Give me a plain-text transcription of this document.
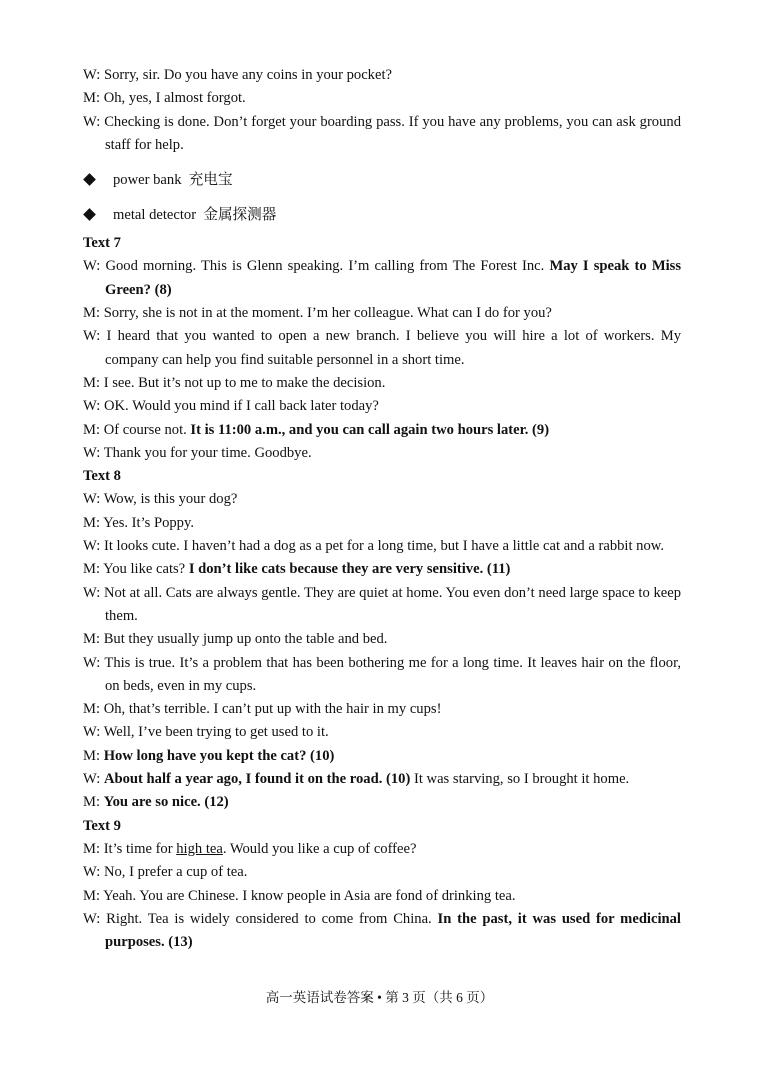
W: Sorry, sir. Do you have any coins in your pocket?
M: Oh, yes, I almost forgot.
W: Checking is done. Don’t forget your boarding pass. If you have any problems, you can ask ground staff for help.
power bank  充电宝
metal detector  金属探测器
Text 7
W: Good morning. This is Glenn speaking. I’m calling from The Forest Inc. May I speak to Miss Green? (8)
M: Sorry, she is not in at the moment. I’m her colleague. What can I do for you?
W: I heard that you wanted to open a new branch. I believe you will hire a lot of workers. My company can help you find suitable personnel in a short time.
M: I see. But it’s not up to me to make the decision.
W: OK. Would you mind if I call back later today?
M: Of course not. It is 11:00 a.m., and you can call again two hours later. (9)
W: Thank you for your time. Goodbye.
Text 8
W: Wow, is this your dog?
M: Yes. It’s Poppy.
W: It looks cute. I haven’t had a dog as a pet for a long time, but I have a little cat and a rabbit now.
M: You like cats? I don’t like cats because they are very sensitive. (11)
W: Not at all. Cats are always gentle. They are quiet at home. You even don’t need large space to keep them.
M: But they usually jump up onto the table and bed.
W: This is true. It’s a problem that has been bothering me for a long time. It leaves hair on the floor, on beds, even in my cups.
M: Oh, that’s terrible. I can’t put up with the hair in my cups!
W: Well, I’ve been trying to get used to it.
M: How long have you kept the cat? (10)
W: About half a year ago, I found it on the road. (10) It was starving, so I brought it home.
M: You are so nice. (12)
Text 9
M: It’s time for high tea. Would you like a cup of coffee?
W: No, I prefer a cup of tea.
M: Yeah. You are Chinese. I know people in Asia are fond of drinking tea.
W: Right. Tea is widely considered to come from China. In the past, it was used for medicinal purposes. (13)
高一英语试卷答案 • 第 3 页（共 6 页）
